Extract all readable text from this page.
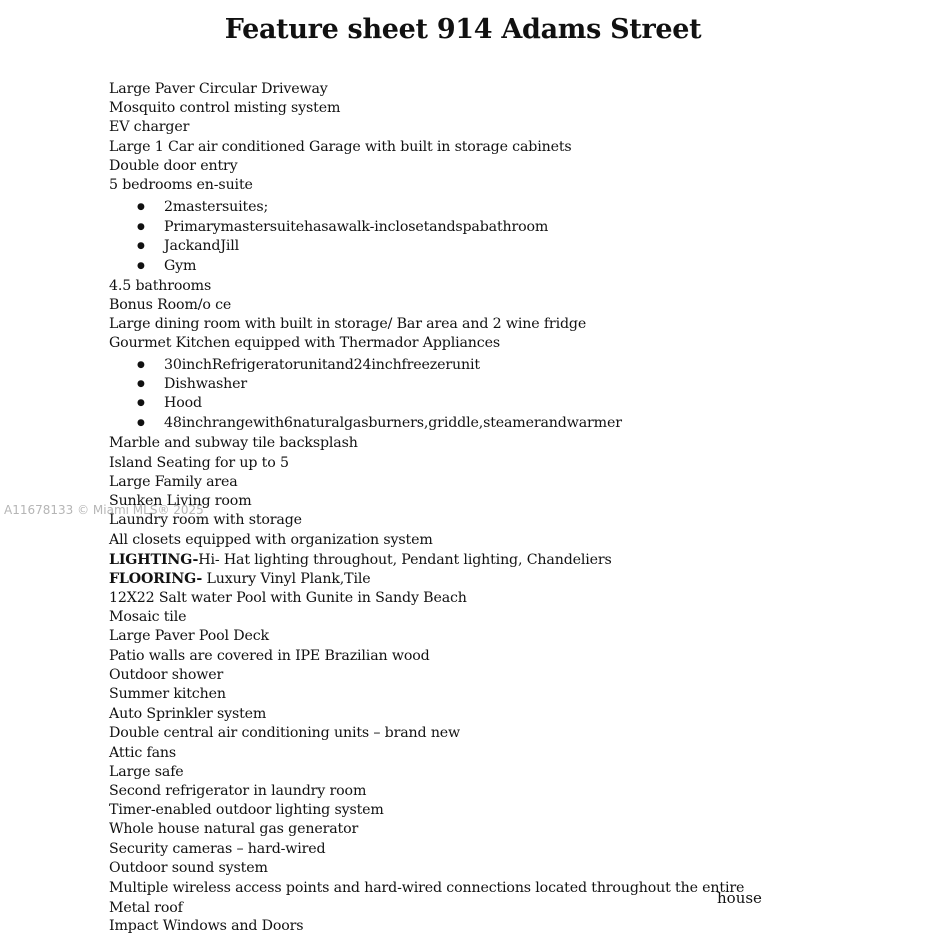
Feature sheet 914 Adams Street
Large Paver Circular Driveway
Mosquito control misting system
EV charger
Large 1 Car air conditioned Garage with built in storage cabinets
Double door entry
5 bedrooms en-suite
● 2mastersuites;
● Primarymastersuitehasawalk-inclosetandspabathroom
● JackandJill
● Gym
4.5 bathrooms
Bonus Room/o ce
Large dining room with built in storage/ Bar area and 2 wine fridge
Gourmet Kitchen equipped with Thermador Appliances
● 30inchRefrigeratorunitand24inchfreezerunit
● Dishwasher
● Hood
● 48inchrangewith6naturalgasburners,griddle,steamerandwarmer
Marble and subway tile backsplash
Island Seating for up to 5
Large Family area
Sunken Living room
Laundry room with storage
All closets equipped with organization system
LIGHTING-Hi- Hat lighting throughout, Pendant lighting, Chandeliers
FLOORING- Luxury Vinyl Plank,Tile
12X22 Salt water Pool with Gunite in Sandy Beach
Mosaic tile
Large Paver Pool Deck
Patio walls are covered in IPE Brazilian wood
Outdoor shower
Summer kitchen
Auto Sprinkler system
Double central air conditioning units – brand new
Attic fans
Large safe
Second refrigerator in laundry room
Timer-enabled outdoor lighting system
Whole house natural gas generator
Security cameras – hard-wired
Outdoor sound system
Multiple wireless access points and hard-wired connections located throughout the entire
house
Metal roof
Impact Windows and Doors
A11678133 © Miami MLS® 2025
